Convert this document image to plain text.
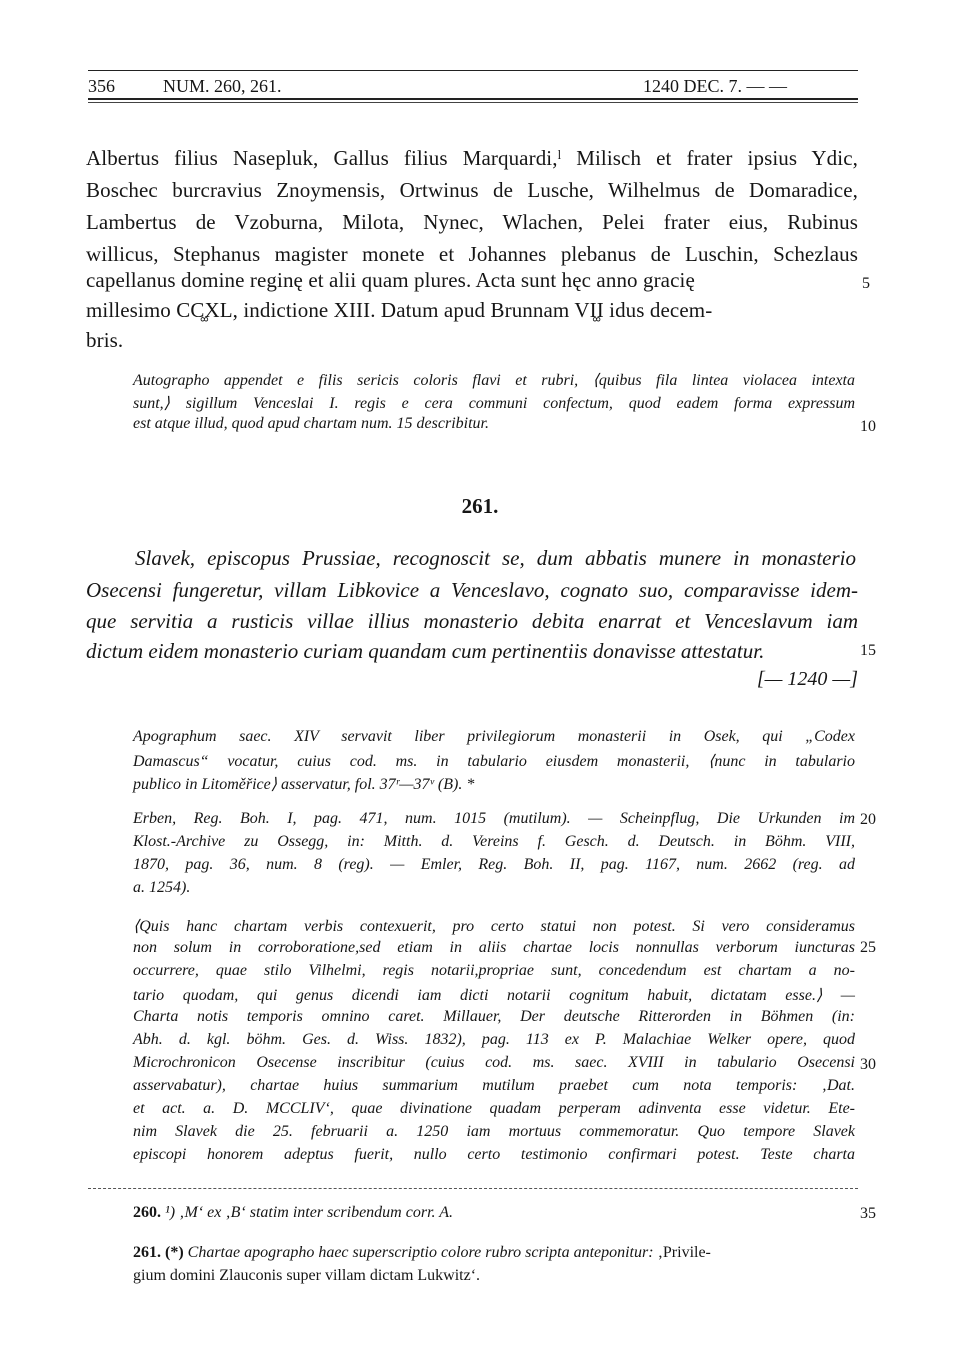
356	NUM. 260, 261.	1240 DEC. 7. — —
Albertus filius Nasepluk, Gallus filius Marquardi,ˡ Milisch et frater ipsius Ydic,
Boschec burcravius Znoymensis, Ortwinus de Lusche, Wilhelmus de Domaradice,
Lambertus de Vzoburna, Milota, Nynec, Wlachen, Pelei frater eius, Rubinus
willicus, Stephanus magister monete et Johannes plebanus de Luschin, Schezlaus
capellanus domine reginę et alii quam plures. Acta sunt hęc anno gracię	5
millesimo CC͚XL, indictione XIII. Datum apud Brunnam VI͚I idus decem-
bris.
Autographo appendet e filis sericis coloris flavi et rubri, ⟨quibus fila lintea violacea intexta
sunt,⟩ sigillum Venceslai I. regis e cera communi confectum, quod eadem forma expressum
est atque illud, quod apud chartam num. 15 describitur.	10
261.
Slavek, episcopus Prussiae, recognoscit se, dum abbatis munere in monasterio
Osecensi fungeretur, villam Libkovice a Venceslavo, cognato suo, comparavisse idem-
que servitia a rusticis villae illius monasterio debita enarrat et Venceslavum iam
dictum eidem monasterio curiam quandam cum pertinentiis donavisse attestatur.	15
[— 1240 —]
Apographum saec. XIV servavit liber privilegiorum monasterii in Osek, qui „Codex
Damascus“ vocatur, cuius cod. ms. in tabulario eiusdem monasterii, ⟨nunc in tabulario
publico in Litoměřice⟩ asservatur, fol. 37ʳ—37ᵛ (B). *
Erben, Reg. Boh. I, pag. 471, num. 1015 (mutilum). — Scheinpflug, Die Urkunden im 20
Klost.-Archive zu Ossegg, in: Mitth. d. Vereins f. Gesch. d. Deutsch. in Böhm. VIII,
1870, pag. 36, num. 8 (reg). — Emler, Reg. Boh. II, pag. 1167, num. 2662 (reg. ad
a. 1254).
⟨Quis hanc chartam verbis contexuerit, pro certo statui non potest. Si vero consideramus
non solum in corroboratione,sed etiam in aliis chartae locis nonnullas verborum iuncturas 25
occurrere, quae stilo Vilhelmi, regis notarii,propriae sunt, concedendum est chartam a no-
tario quodam, qui genus dicendi iam dicti notarii cognitum habuit, dictatam esse.⟩ —
Charta notis temporis omnino caret. Millauer, Der deutsche Ritterorden in Böhmen (in:
Abh. d. kgl. böhm. Ges. d. Wiss. 1832), pag. 113 ex P. Malachiae Welker opere, quod
Microchronicon Osecense inscribitur (cuius cod. ms. saec. XVIII in tabulario Osecensi 30
asservabatur), chartae huius summarium mutilum praebet cum nota temporis: ‚Dat.
et act. a. D. MCCLIV‘, quae divinatione quadam perperam adinventa esse videtur. Ete-
nim Slavek die 25. februarii a. 1250 iam mortuus commemoratur. Quo tempore Slavek
episcopi honorem adeptus fuerit, nullo certo testimonio confirmari potest. Teste charta
260. ¹) ‚M‘ ex ‚B‘ statim inter scribendum corr. A.	35
261. (*) Chartae apographo haec superscriptio colore rubro scripta anteponitur: ‚Privile-
gium domini Zlauconis super villam dictam Lukwitz‘.
